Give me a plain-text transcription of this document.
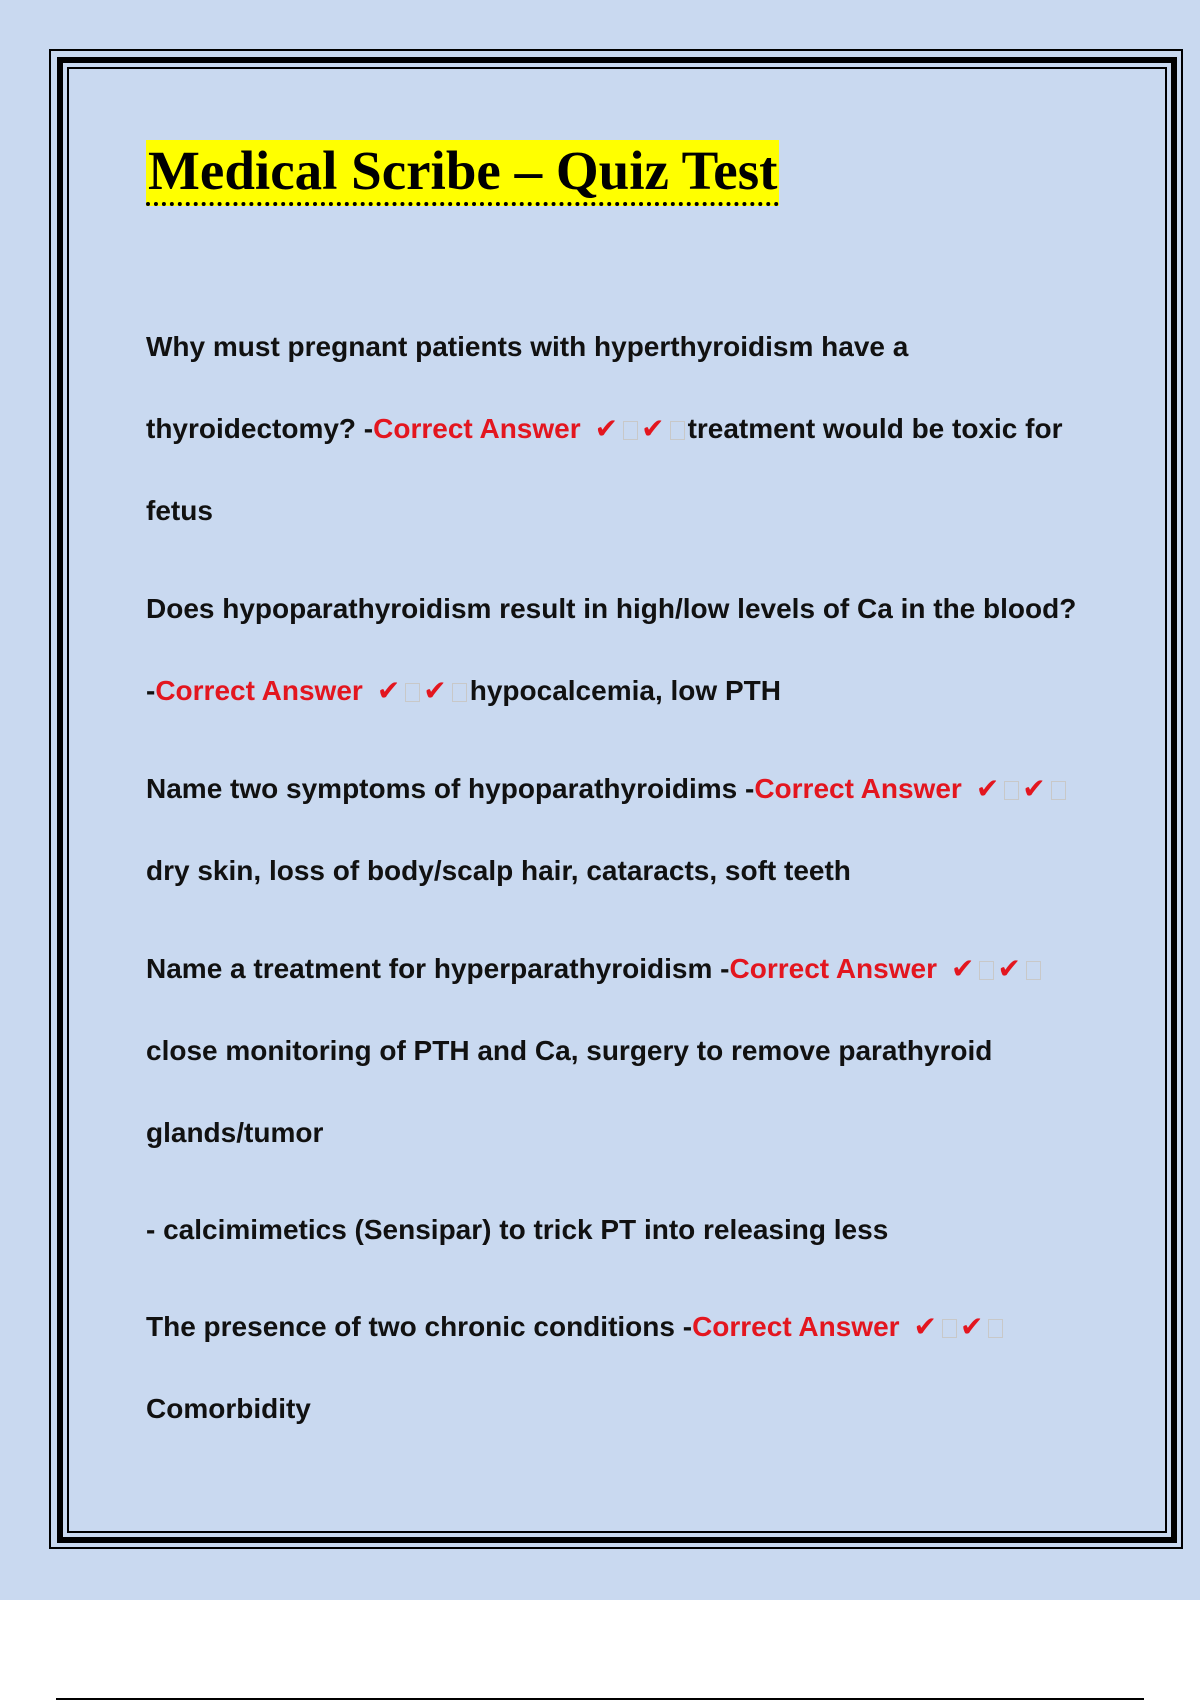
Medical Scribe – Quiz Test
Why must pregnant patients with hyperthyroidism have a thyroidectomy? -Correct Answer ✔ ✔ treatment would be toxic for fetus
Does hypoparathyroidism result in high/low levels of Ca in the blood? -Correct Answer ✔ ✔ hypocalcemia, low PTH
Name two symptoms of hypoparathyroidims -Correct Answer ✔ ✔dry skin, loss of body/scalp hair, cataracts, soft teeth
Name a treatment for hyperparathyroidism -Correct Answer ✔ ✔close monitoring of PTH and Ca, surgery to remove parathyroid glands/tumor
- calcimimetics (Sensipar) to trick PT into releasing less
The presence of two chronic conditions -Correct Answer ✔ ✔Comorbidity
